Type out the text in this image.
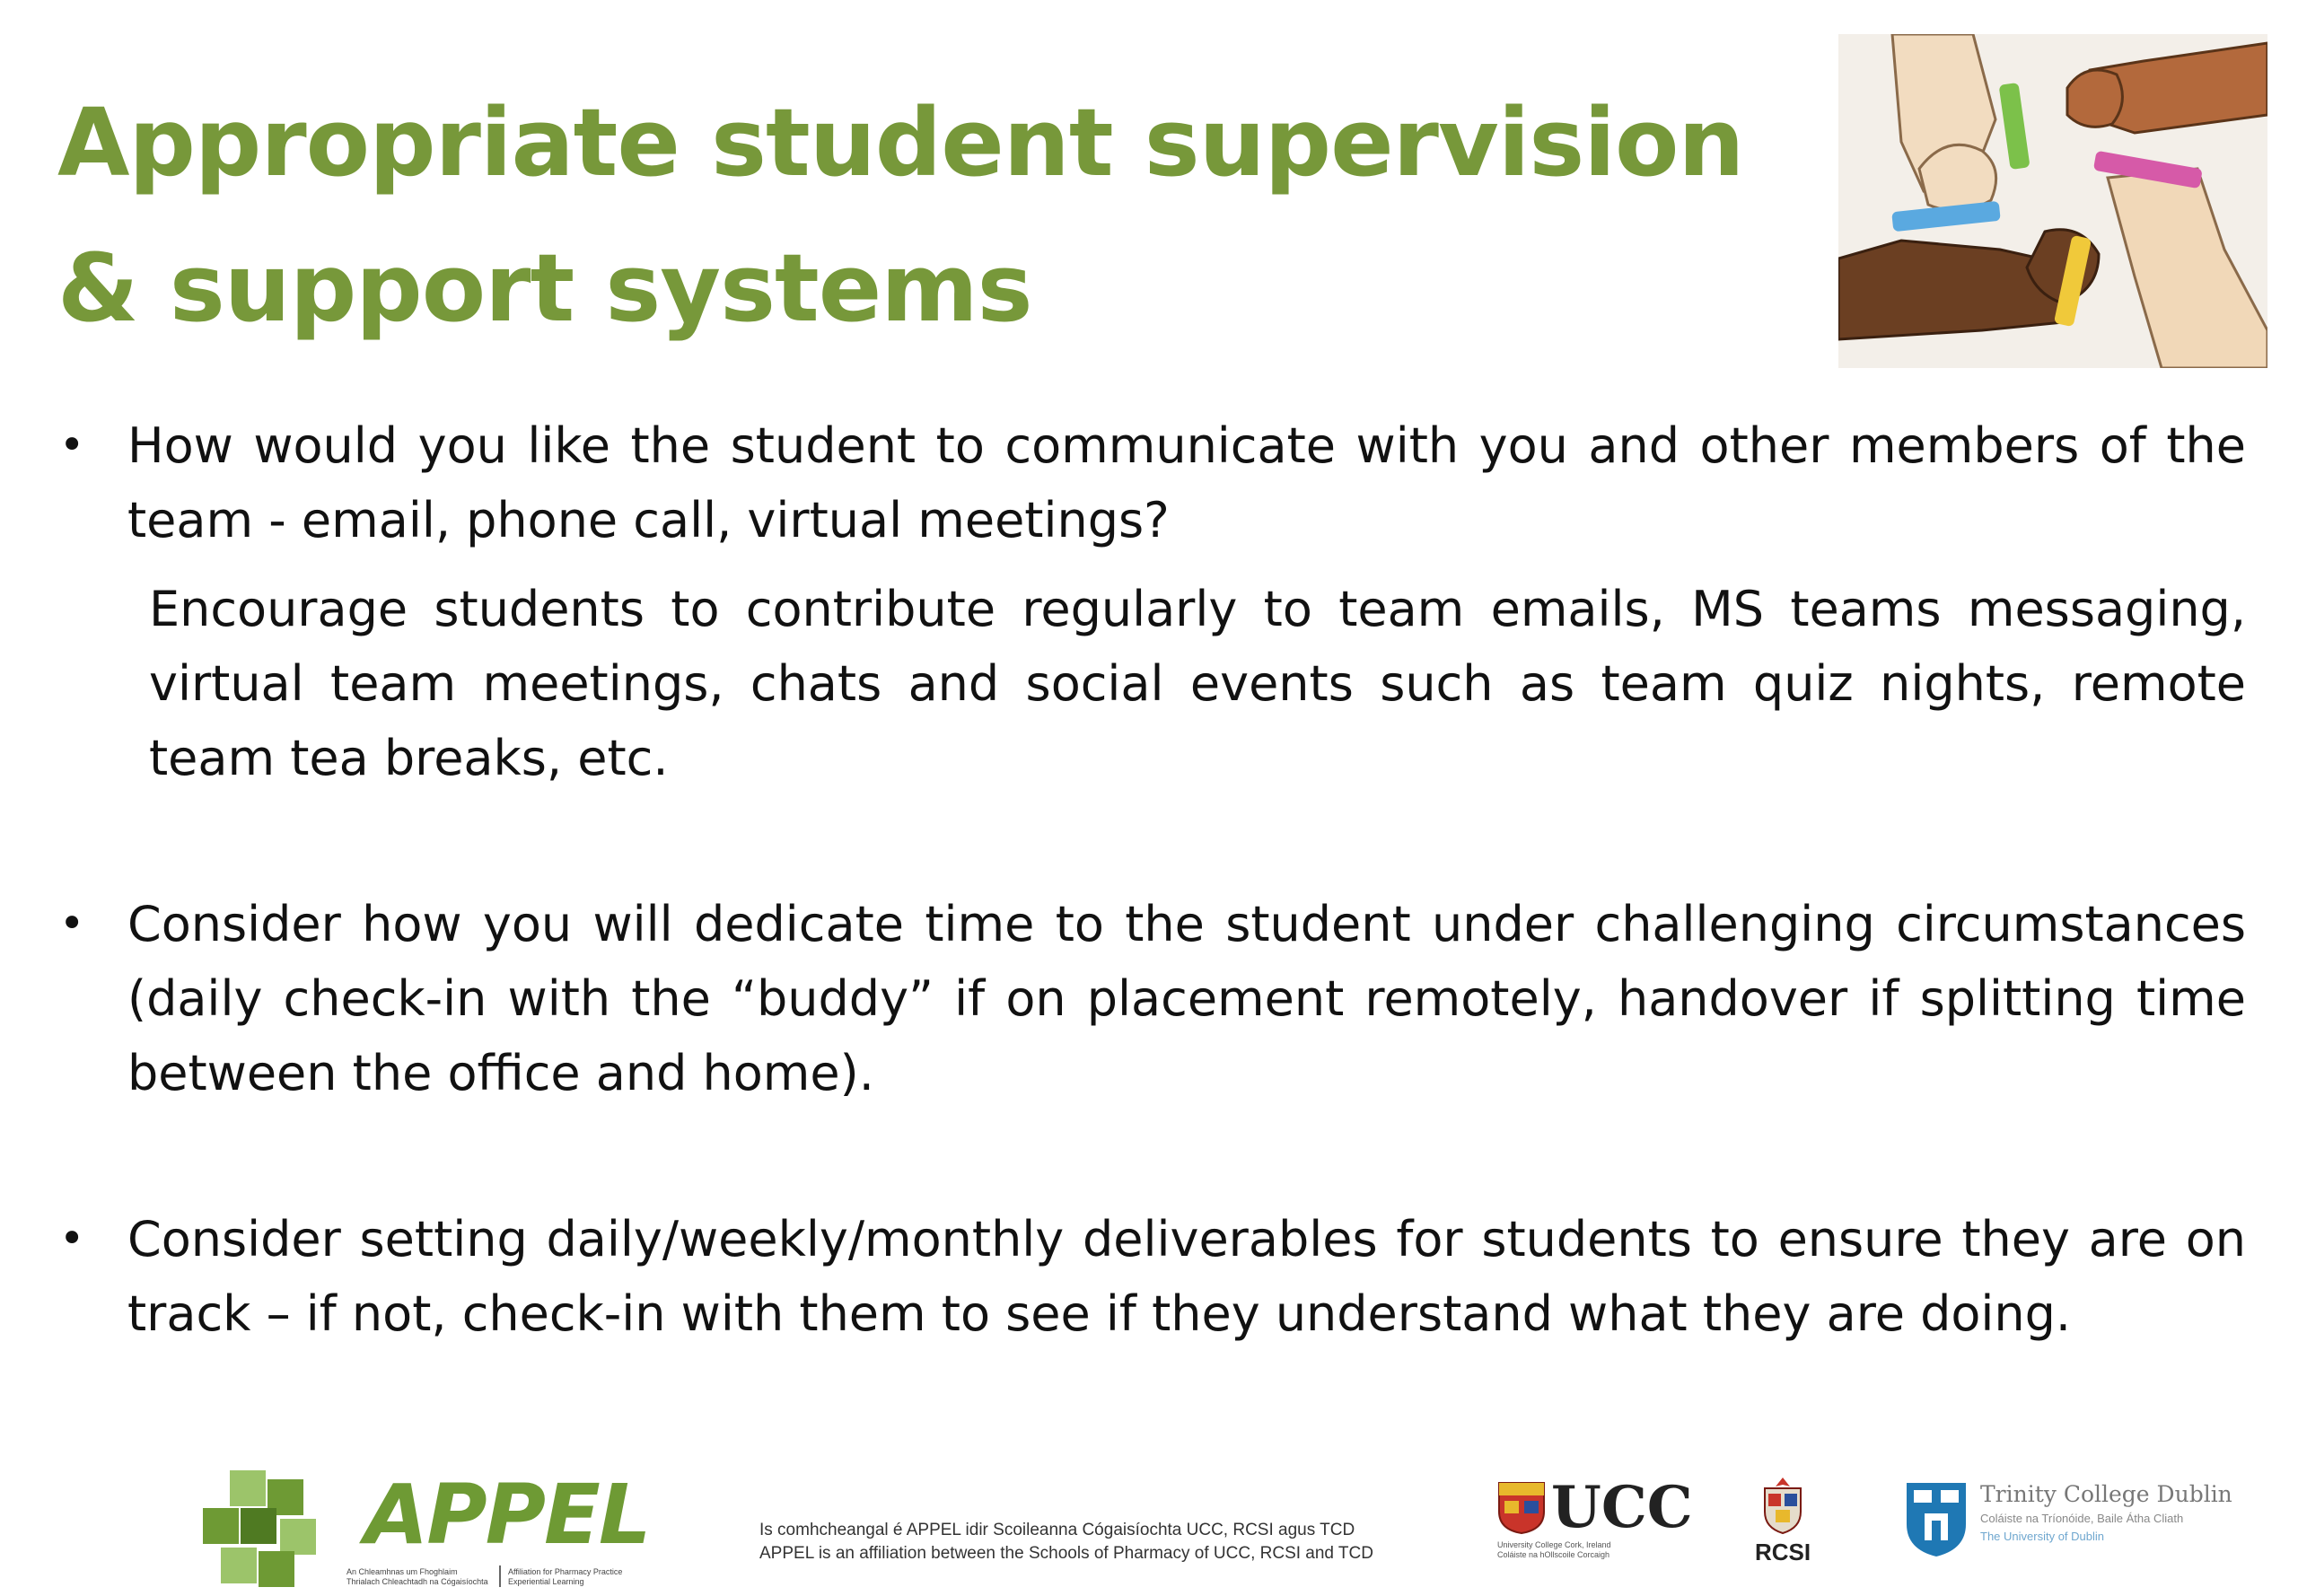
Appropriate student supervision
& support systems
• How would you like the student to communicate with you and other members of the team - email, phone call, virtual meetings?
Encourage students to contribute regularly to team emails, MS teams messaging, virtual team meetings, chats and social events such as team quiz nights, remote team tea breaks, etc.
• Consider how you will dedicate time to the student under challenging circumstances (daily check-in with the “buddy” if on placement remotely, handover if splitting time between the office and home).
• Consider setting daily/weekly/monthly deliverables for students to ensure they are on track – if not, check-in with them to see if they understand what they are doing.
APPEL
An Chleamhnas um Fhoghlaim Thrialach Chleachtadh na Cógaisíochta
Affiliation for Pharmacy Practice Experiential Learning
Is comhcheangal é APPEL idir Scoileanna Cógaisíochta UCC, RCSI agus TCD
APPEL is an affiliation between the Schools of Pharmacy of UCC, RCSI and TCD
UCC
University College Cork, Ireland
Coláiste na hOllscoile Corcaigh	RCSI
Trinity College Dublin
Coláiste na Tríonóide, Baile Átha Cliath
The University of Dublin
